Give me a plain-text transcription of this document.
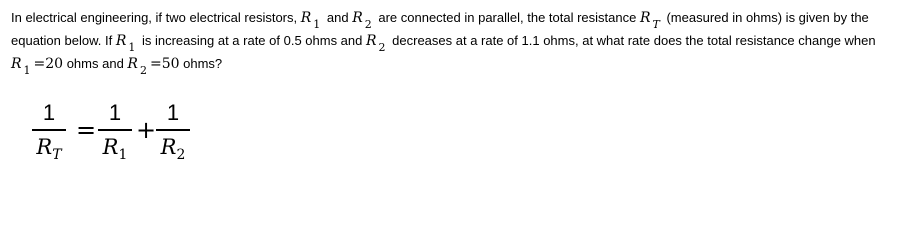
In electrical engineering, if two electrical resistors, R $_1$ and R $_2$ are connected in parallel, the total resistance R $_T$ (measured in ohms) is given by the
equation below. If R $_1$ is increasing at a rate of 0.5 ohms and R $_2$ decreases at a rate of 1.1 ohms, at what rate does the total resistance change when
R $_1$ =20 ohms and R $_2$ =50 ohms?
1
$R_T$
=
1
$R_1$
+
1
$R_2$
